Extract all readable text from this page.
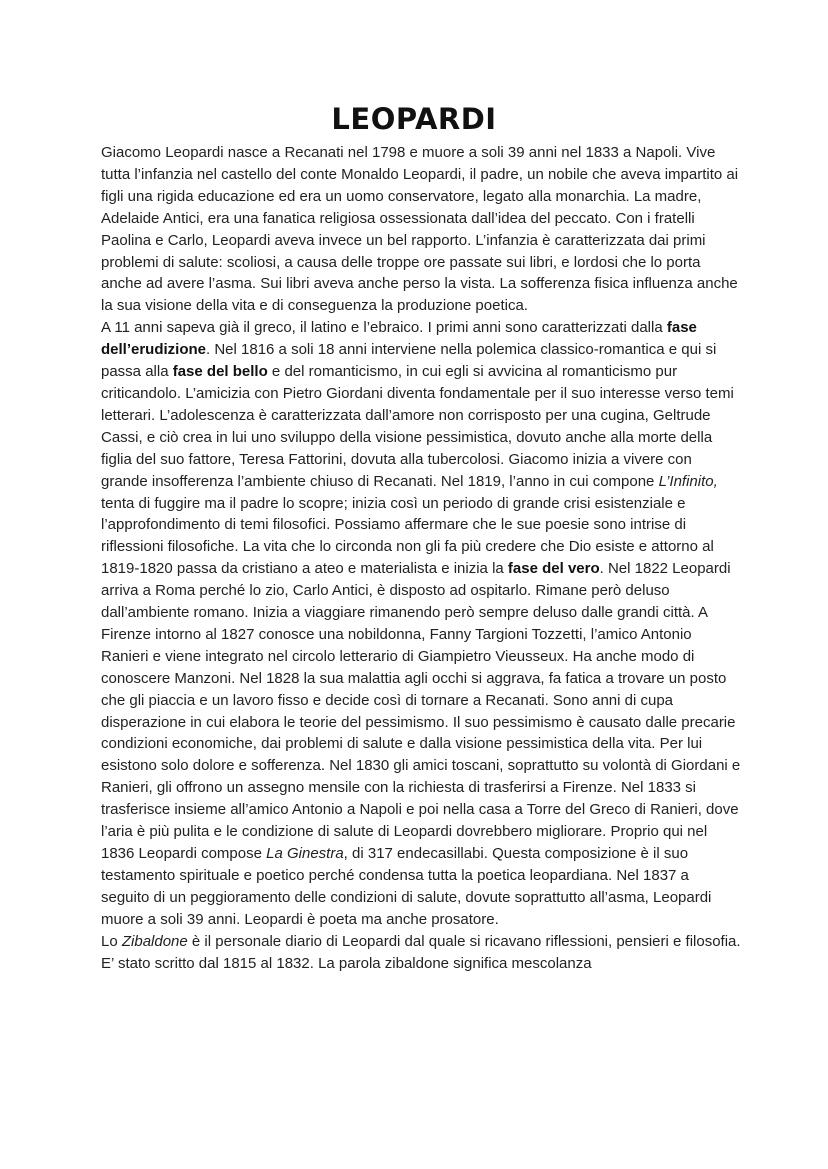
LEOPARDI

Giacomo Leopardi nasce a Recanati nel 1798 e muore a soli 39 anni nel 1833 a Napoli. Vive tutta l’infanzia nel castello del conte Monaldo Leopardi, il padre, un nobile che aveva impartito ai figli una rigida educazione ed era un uomo conservatore, legato alla monarchia. La madre, Adelaide Antici, era una fanatica religiosa ossessionata dall’idea del peccato. Con i fratelli Paolina e Carlo, Leopardi aveva invece un bel rapporto. L’infanzia è caratterizzata dai primi problemi di salute: scoliosi, a causa delle troppe ore passate sui libri, e lordosi che lo porta anche ad avere l’asma. Sui libri aveva anche perso la vista. La sofferenza fisica influenza anche la sua visione della vita e di conseguenza la produzione poetica.

A 11 anni sapeva già il greco, il latino e l’ebraico. I primi anni sono caratterizzati dalla fase dell’erudizione. Nel 1816 a soli 18 anni interviene nella polemica classico-romantica e qui si passa alla fase del bello e del romanticismo, in cui egli si avvicina al romanticismo pur criticandolo. L’amicizia con Pietro Giordani diventa fondamentale per il suo interesse verso temi letterari. L’adolescenza è caratterizzata dall’amore non corrisposto per una cugina, Geltrude Cassi, e ciò crea in lui uno sviluppo della visione pessimistica, dovuto anche alla morte della figlia del suo fattore, Teresa Fattorini, dovuta alla tubercolosi. Giacomo inizia a vivere con grande insofferenza l’ambiente chiuso di Recanati. Nel 1819, l’anno in cui compone L’Infinito, tenta di fuggire ma il padre lo scopre; inizia così un periodo di grande crisi esistenziale e l’approfondimento di temi filosofici. Possiamo affermare che le sue poesie sono intrise di riflessioni filosofiche. La vita che lo circonda non gli fa più credere che Dio esiste e attorno al 1819-1820 passa da cristiano a ateo e materialista e inizia la fase del vero. Nel 1822 Leopardi arriva a Roma perché lo zio, Carlo Antici, è disposto ad ospitarlo. Rimane però deluso dall’ambiente romano. Inizia a viaggiare rimanendo però sempre deluso dalle grandi città. A Firenze intorno al 1827 conosce una nobildonna, Fanny Targioni Tozzetti, l’amico Antonio Ranieri e viene integrato nel circolo letterario di Giampietro Vieusseux. Ha anche modo di conoscere Manzoni. Nel 1828 la sua malattia agli occhi si aggrava, fa fatica a trovare un posto che gli piaccia e un lavoro fisso e decide così di tornare a Recanati. Sono anni di cupa disperazione in cui elabora le teorie del pessimismo. Il suo pessimismo è causato dalle precarie condizioni economiche, dai problemi di salute e dalla visione pessimistica della vita. Per lui esistono solo dolore e sofferenza. Nel 1830 gli amici toscani, soprattutto su volontà di Giordani e Ranieri, gli offrono un assegno mensile con la richiesta di trasferirsi a Firenze. Nel 1833 si trasferisce insieme all’amico Antonio a Napoli e poi nella casa a Torre del Greco di Ranieri, dove l’aria è più pulita e le condizione di salute di Leopardi dovrebbero migliorare. Proprio qui nel 1836 Leopardi compose La Ginestra, di 317 endecasillabi. Questa composizione è il suo testamento spirituale e poetico perché condensa tutta la poetica leopardiana. Nel 1837 a seguito di un peggioramento delle condizioni di salute, dovute soprattutto all’asma, Leopardi muore a soli 39 anni. Leopardi è poeta ma anche prosatore.

Lo Zibaldone è il personale diario di Leopardi dal quale si ricavano riflessioni, pensieri e filosofia. E’ stato scritto dal 1815 al 1832. La parola zibaldone significa mescolanza
